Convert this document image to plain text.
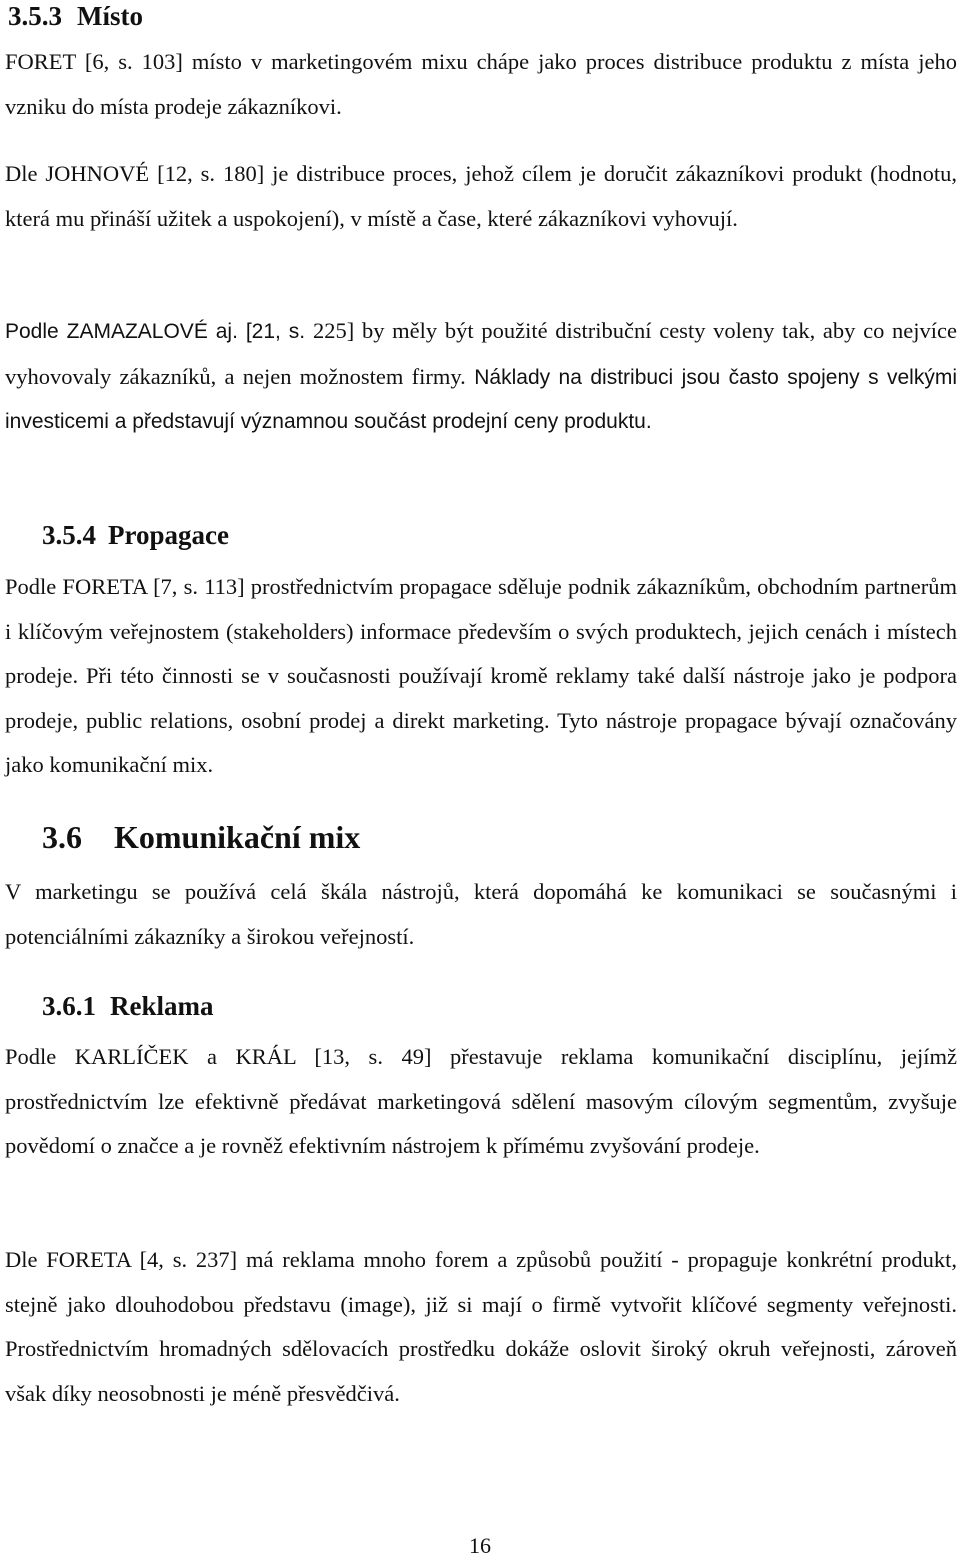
3.5.3 Místo

FORET [6, s. 103] místo v marketingovém mixu chápe jako proces distribuce produktu z místa jeho vzniku do místa prodeje zákazníkovi.

Dle JOHNOVÉ [12, s. 180] je distribuce proces, jehož cílem je doručit zákazníkovi produkt (hodnotu, která mu přináší užitek a uspokojení), v místě a čase, které zákazníkovi vyhovují.

Podle ZAMAZALOVÉ aj. [21, s. 225] by měly být použité distribuční cesty voleny tak, aby co nejvíce vyhovovaly zákazníků, a nejen možnostem firmy. Náklady na distribuci jsou často spojeny s velkými investicemi a představují významnou součást prodejní ceny produktu.

3.5.4 Propagace

Podle FORETA [7, s. 113] prostřednictvím propagace sděluje podnik zákazníkům, obchodním partnerům i klíčovým veřejnostem (stakeholders) informace především o svých produktech, jejich cenách i místech prodeje. Při této činnosti se v současnosti používají kromě reklamy také další nástroje jako je podpora prodeje, public relations, osobní prodej a direkt marketing. Tyto nástroje propagace bývají označovány jako komunikační mix.

3.6 Komunikační mix

V marketingu se používá celá škála nástrojů, která dopomáhá ke komunikaci se současnými i potenciálními zákazníky a širokou veřejností.

3.6.1 Reklama

Podle KARLÍČEK a KRÁL [13, s. 49] přestavuje reklama komunikační disciplínu, jejímž prostřednictvím lze efektivně předávat marketingová sdělení masovým cílovým segmentům, zvyšuje povědomí o značce a je rovněž efektivním nástrojem k přímému zvyšování prodeje.

Dle FORETA [4, s. 237] má reklama mnoho forem a způsobů použití - propaguje konkrétní produkt, stejně jako dlouhodobou představu (image), již si mají o firmě vytvořit klíčové segmenty veřejnosti. Prostřednictvím hromadných sdělovacích prostředku dokáže oslovit široký okruh veřejnosti, zároveň však díky neosobnosti je méně přesvědčivá.

16
